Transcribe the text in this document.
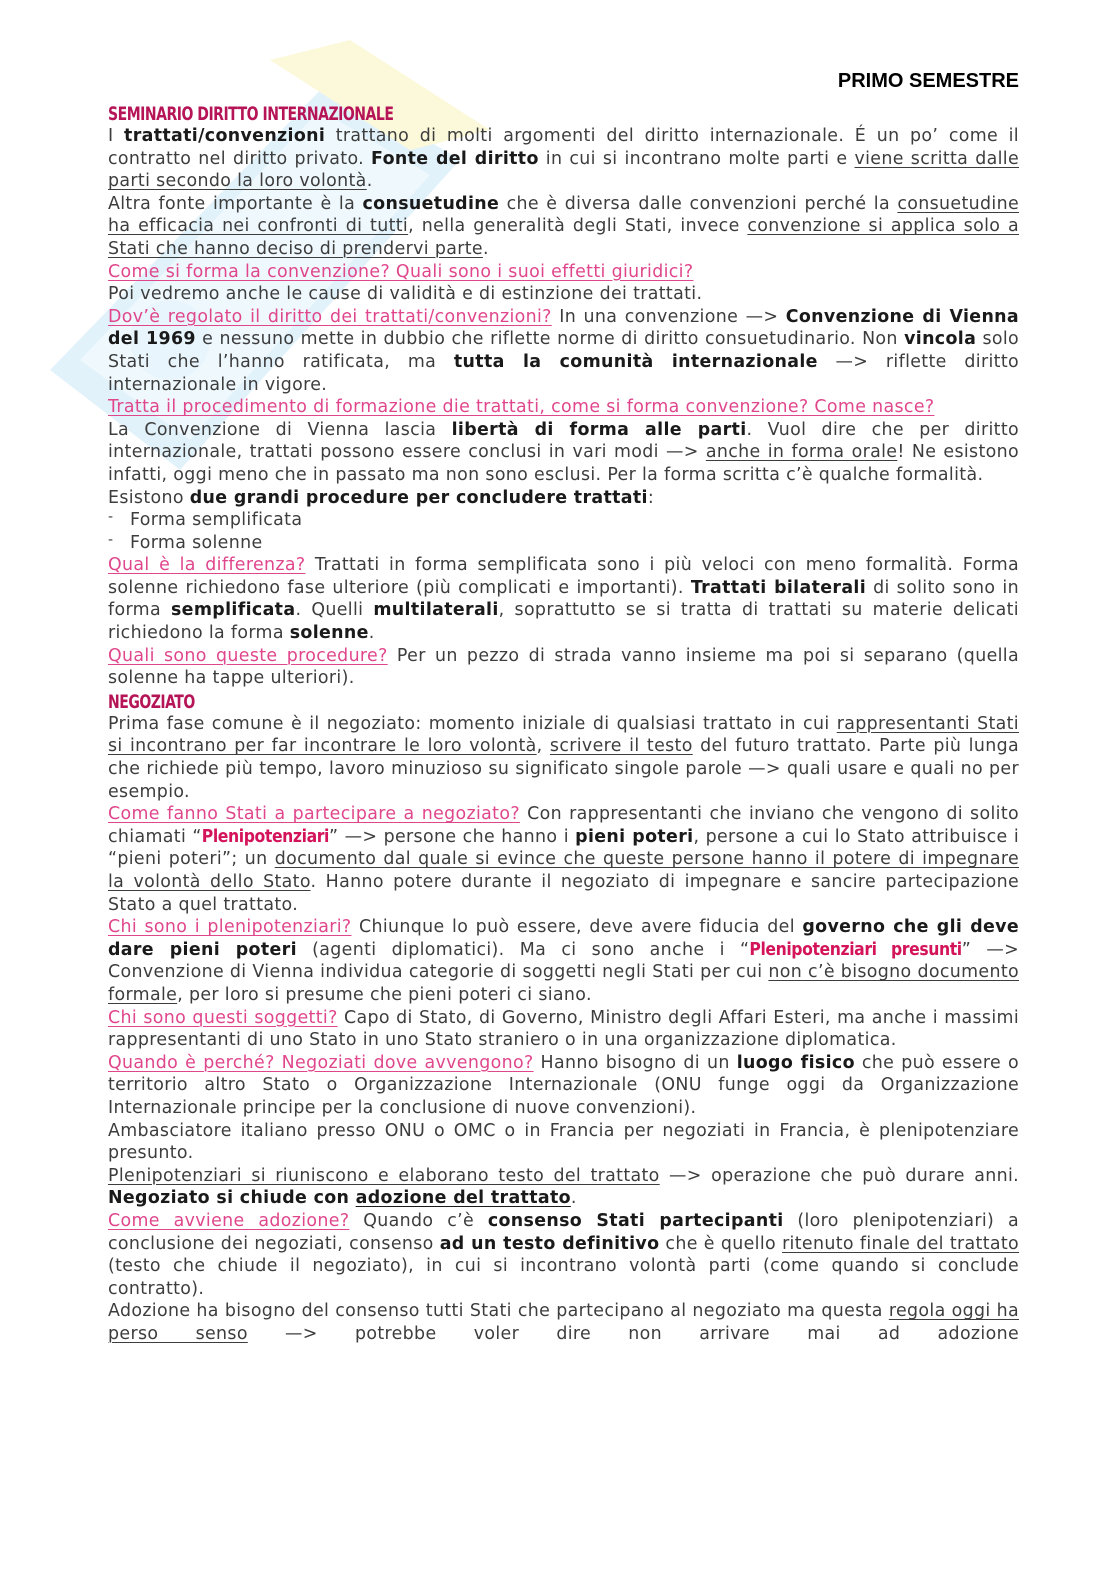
PRIMO SEMESTRE
SEMINARIO DIRITTO INTERNAZIONALE

I trattati/convenzioni trattano di molti argomenti del diritto internazionale. É un po’ come il contratto nel diritto privato. Fonte del diritto in cui si incontrano molte parti e viene scritta dalle parti secondo la loro volontà.

Altra fonte importante è la consuetudine che è diversa dalle convenzioni perché la consuetudine ha efficacia nei confronti di tutti, nella generalità degli Stati, invece convenzione si applica solo a Stati che hanno deciso di prendervi parte.

Come si forma la convenzione? Quali sono i suoi effetti giuridici?

Poi vedremo anche le cause di validità e di estinzione dei trattati.

Dov’è regolato il diritto dei trattati/convenzioni? In una convenzione —> Convenzione di Vienna del 1969 e nessuno mette in dubbio che riflette norme di diritto consuetudinario. Non vincola solo Stati che l’hanno ratificata, ma tutta la comunità internazionale —> riflette diritto internazionale in vigore.

Tratta il procedimento di formazione die trattati, come si forma convenzione? Come nasce?

La Convenzione di Vienna lascia libertà di forma alle parti. Vuol dire che per diritto internazionale, trattati possono essere conclusi in vari modi —> anche in forma orale! Ne esistono infatti, oggi meno che in passato ma non sono esclusi. Per la forma scritta c’è qualche formalità.

Esistono due grandi procedure per concludere trattati:

- Forma semplificata
- Forma solenne

Qual è la differenza? Trattati in forma semplificata sono i più veloci con meno formalità. Forma solenne richiedono fase ulteriore (più complicati e importanti). Trattati bilaterali di solito sono in forma semplificata. Quelli multilaterali, soprattutto se si tratta di trattati su materie delicati richiedono la forma solenne.

Quali sono queste procedure? Per un pezzo di strada vanno insieme ma poi si separano (quella solenne ha tappe ulteriori).

NEGOZIATO

Prima fase comune è il negoziato: momento iniziale di qualsiasi trattato in cui rappresentanti Stati si incontrano per far incontrare le loro volontà, scrivere il testo del futuro trattato. Parte più lunga che richiede più tempo, lavoro minuzioso su significato singole parole —> quali usare e quali no per esempio.

Come fanno Stati a partecipare a negoziato? Con rappresentanti che inviano che vengono di solito chiamati “Plenipotenziari” —> persone che hanno i pieni poteri, persone a cui lo Stato attribuisce i “pieni poteri”; un documento dal quale si evince che queste persone hanno il potere di impegnare la volontà dello Stato. Hanno potere durante il negoziato di impegnare e sancire partecipazione Stato a quel trattato.

Chi sono i plenipotenziari? Chiunque lo può essere, deve avere fiducia del governo che gli deve dare pieni poteri (agenti diplomatici). Ma ci sono anche i “Plenipotenziari presunti” —> Convenzione di Vienna individua categorie di soggetti negli Stati per cui non c’è bisogno documento formale, per loro si presume che pieni poteri ci siano.

Chi sono questi soggetti? Capo di Stato, di Governo, Ministro degli Affari Esteri, ma anche i massimi rappresentanti di uno Stato in uno Stato straniero o in una organizzazione diplomatica.

Quando è perché? Negoziati dove avvengono? Hanno bisogno di un luogo fisico che può essere o territorio altro Stato o Organizzazione Internazionale (ONU funge oggi da Organizzazione Internazionale principe per la conclusione di nuove convenzioni).

Ambasciatore italiano presso ONU o OMC o in Francia per negoziati in Francia, è plenipotenziare presunto.

Plenipotenziari si riuniscono e elaborano testo del trattato —> operazione che può durare anni. Negoziato si chiude con adozione del trattato.

Come avviene adozione? Quando c’è consenso Stati partecipanti (loro plenipotenziari) a conclusione dei negoziati, consenso ad un testo definitivo che è quello ritenuto finale del trattato (testo che chiude il negoziato), in cui si incontrano volontà parti (come quando si conclude contratto).

Adozione ha bisogno del consenso tutti Stati che partecipano al negoziato ma questa regola oggi ha perso senso —> potrebbe voler dire non arrivare mai ad adozione
